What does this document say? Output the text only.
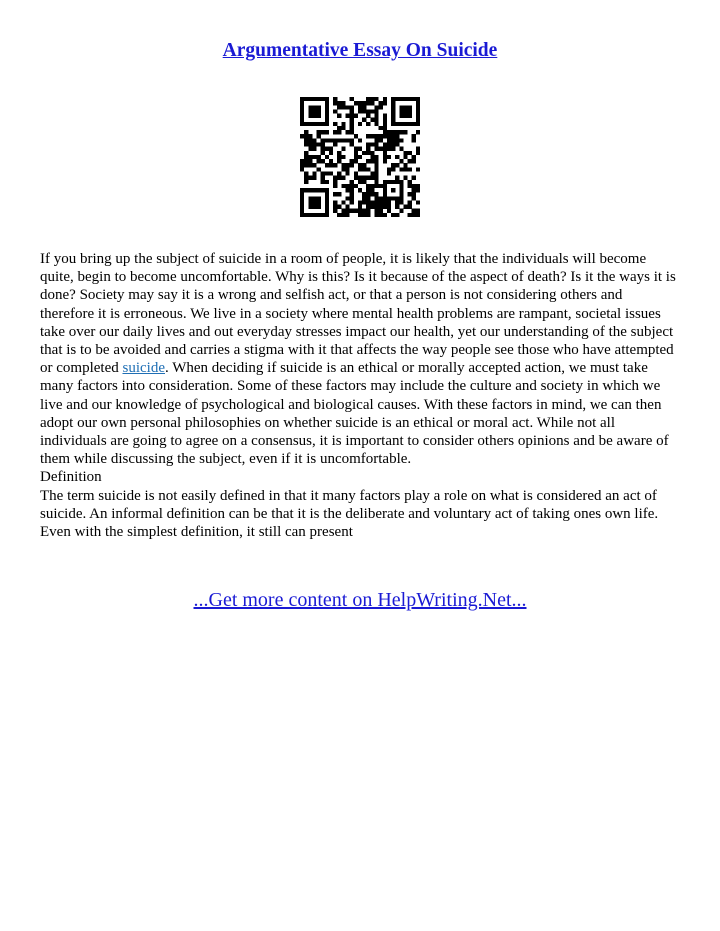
Argumentative Essay On Suicide

If you bring up the subject of suicide in a room of people, it is likely that the individuals will become quite, begin to become uncomfortable. Why is this? Is it because of the aspect of death? Is it the ways it is done? Society may say it is a wrong and selfish act, or that a person is not considering others and therefore it is erroneous. We live in a society where mental health problems are rampant, societal issues take over our daily lives and out everyday stresses impact our health, yet our understanding of the subject that is to be avoided and carries a stigma with it that affects the way people see those who have attempted or completed suicide. When deciding if suicide is an ethical or morally accepted action, we must take many factors into consideration. Some of these factors may include the culture and society in which we live and our knowledge of psychological and biological causes. With these factors in mind, we can then adopt our own personal philosophies on whether suicide is an ethical or moral act. While not all individuals are going to agree on a consensus, it is important to consider others opinions and be aware of them while discussing the subject, even if it is uncomfortable.

Definition

The term suicide is not easily defined in that it many factors play a role on what is considered an act of suicide. An informal definition can be that it is the deliberate and voluntary act of taking ones own life. Even with the simplest definition, it still can present

...Get more content on HelpWriting.Net...
